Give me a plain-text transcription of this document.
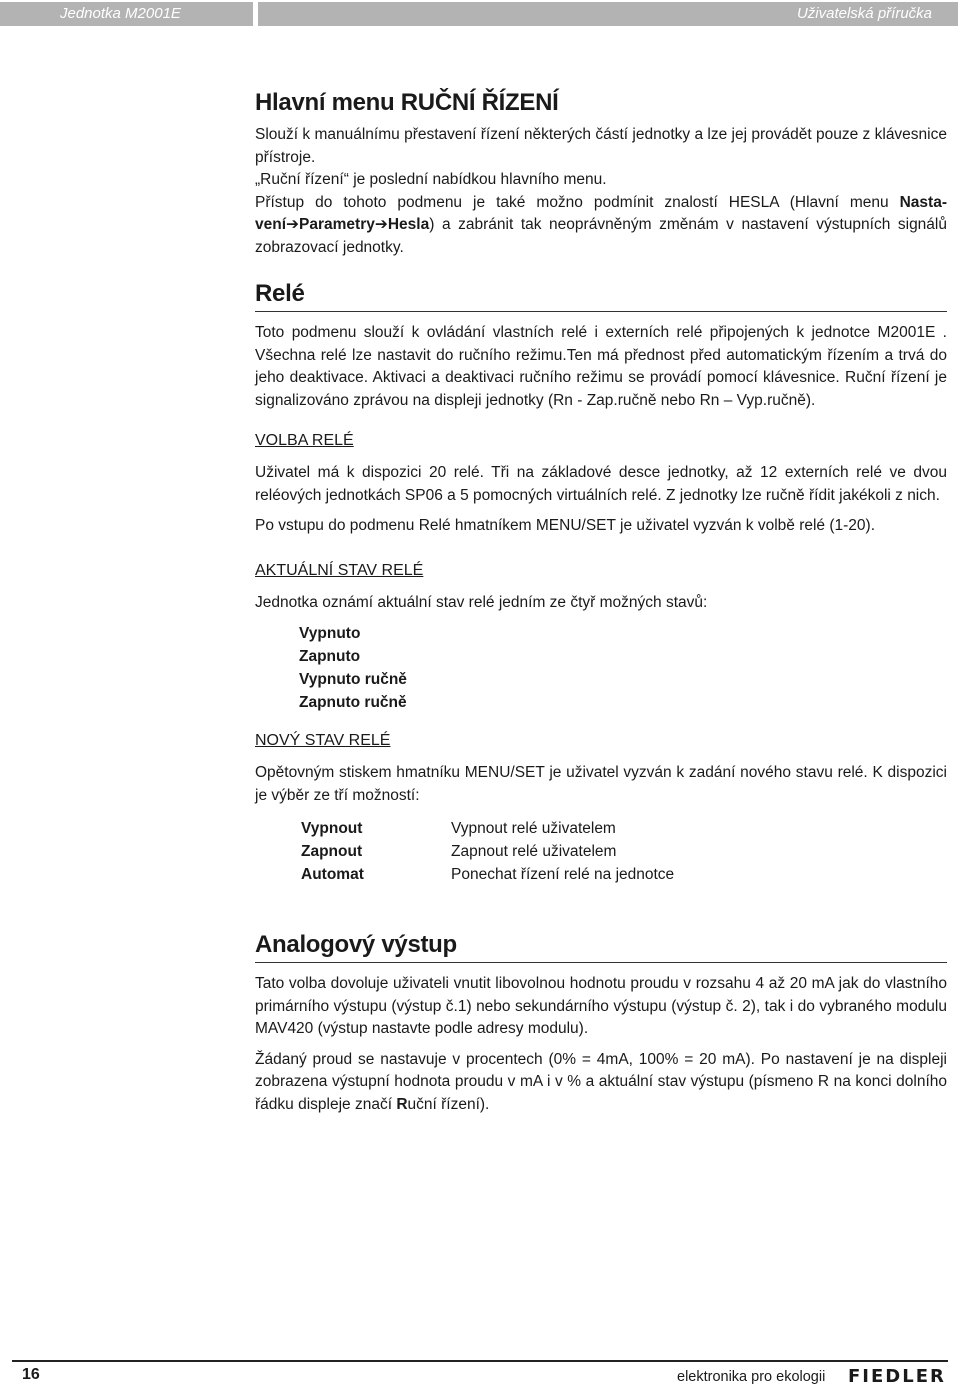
Jednotka M2001E	Uživatelská příručka
Hlavní menu RUČNÍ ŘÍZENÍ

Slouží k manuálnímu přestavení řízení některých částí jednotky a lze jej provádět pouze z klávesnice přístroje.

„Ruční řízení“ je poslední nabídkou hlavního menu.

Přístup do tohoto podmenu je také možno podmínit znalostí HESLA (Hlavní menu Nasta-vení➔Parametry➔Hesla) a zabránit tak neoprávněným změnám v nastavení výstupních signálů zobrazovací jednotky.

Relé

Toto podmenu slouží k ovládání vlastních relé i externích relé připojených k jednotce M2001E . Všechna relé lze nastavit do ručního režimu.Ten má přednost před automatickým řízením a trvá do jeho deaktivace. Aktivaci a deaktivaci ručního režimu se provádí pomocí klávesnice. Ruční řízení je signalizováno zprávou na displeji jednotky (Rn - Zap.ručně nebo Rn – Vyp.ručně).

VOLBA RELÉ

Uživatel má k dispozici 20 relé. Tři na základové desce jednotky, až 12 externích relé ve dvou reléových jednotkách SP06 a 5 pomocných virtuálních relé. Z jednotky lze ručně řídit jakékoli z nich.

Po vstupu do podmenu Relé hmatníkem MENU/SET je uživatel vyzván k volbě relé (1-20).

AKTUÁLNÍ STAV RELÉ

Jednotka oznámí aktuální stav relé jedním ze čtyř možných stavů:

Vypnuto
Zapnuto
Vypnuto ručně
Zapnuto ručně
NOVÝ STAV RELÉ

Opětovným stiskem hmatníku MENU/SET je uživatel vyzván k zadání nového stavu relé. K dispozici je výběr ze tří možností:

Vypnout	Vypnout relé uživatelem
Zapnout	Zapnout relé uživatelem
Automat	Ponechat řízení relé na jednotce
Analogový výstup

Tato volba dovoluje uživateli vnutit libovolnou hodnotu proudu v rozsahu 4 až 20 mA jak do vlastního primárního výstupu (výstup č.1) nebo sekundárního výstupu (výstup č. 2), tak i do vybraného modulu MAV420 (výstup nastavte podle adresy modulu).

Žádaný proud se nastavuje v procentech (0% = 4mA, 100% = 20 mA). Po nastavení je na displeji zobrazena výstupní hodnota proudu v mA i v % a aktuální stav výstupu (písmeno R na konci dolního řádku displeje značí Ruční řízení).

16	elektronika pro ekologii FIEDLER
